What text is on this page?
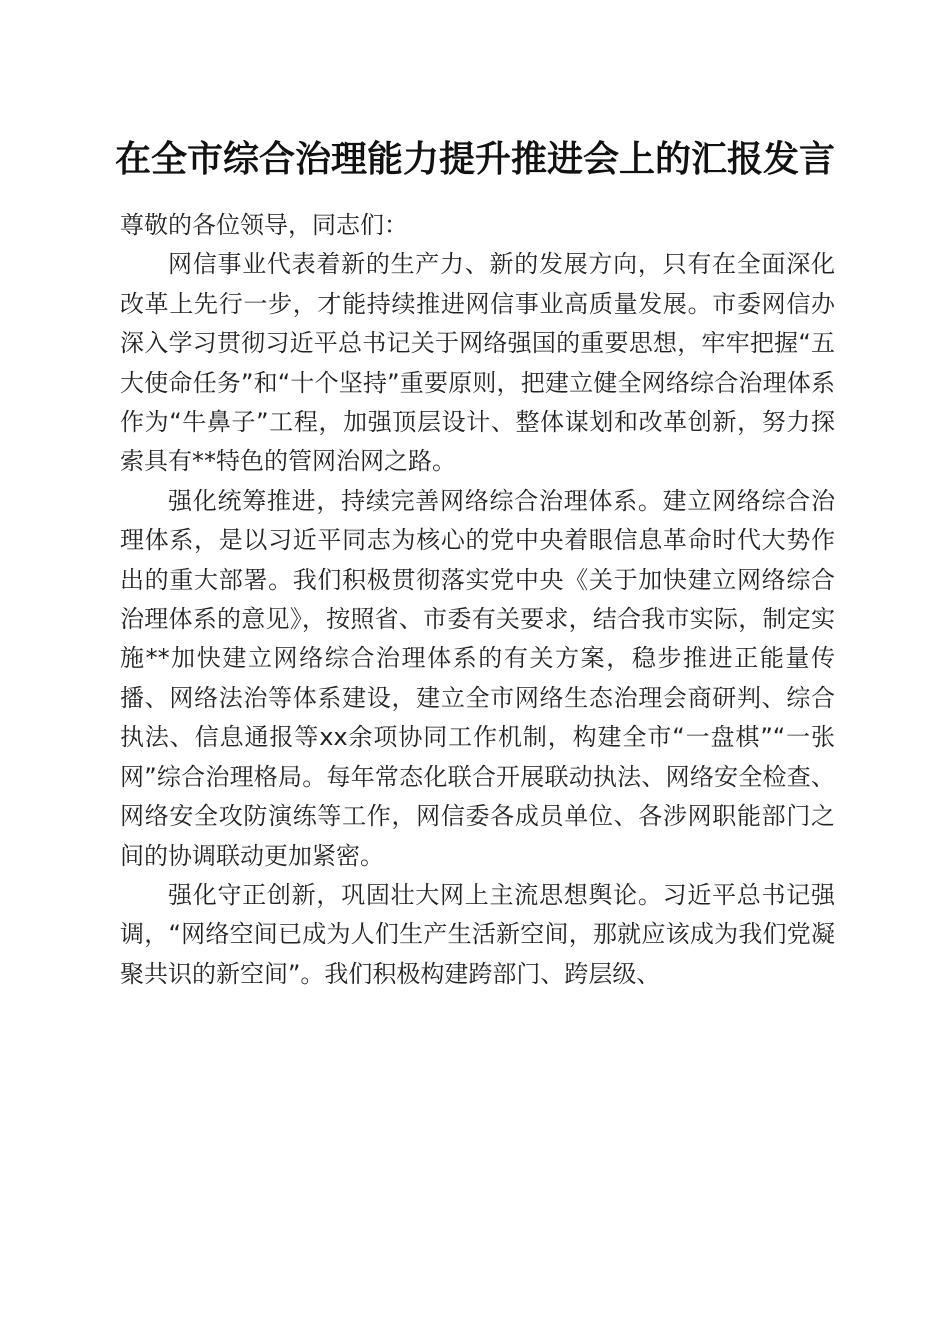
在全市综合治理能力提升推进会上的汇报发言

尊敬的各位领导，同志们：

网信事业代表着新的生产力、新的发展方向，只有在全面深化改革上先行一步，才能持续推进网信事业高质量发展。市委网信办深入学习贯彻习近平总书记关于网络强国的重要思想，牢牢把握“五大使命任务”和“十个坚持”重要原则，把建立健全网络综合治理体系作为“牛鼻子”工程，加强顶层设计、整体谋划和改革创新，努力探索具有**特色的管网治网之路。

强化统筹推进，持续完善网络综合治理体系。建立网络综合治理体系，是以习近平同志为核心的党中央着眼信息革命时代大势作出的重大部署。我们积极贯彻落实党中央《关于加快建立网络综合治理体系的意见》，按照省、市委有关要求，结合我市实际，制定实施**加快建立网络综合治理体系的有关方案，稳步推进正能量传播、网络法治等体系建设，建立全市网络生态治理会商研判、综合执法、信息通报等xx余项协同工作机制，构建全市“一盘棋”“一张网”综合治理格局。每年常态化联合开展联动执法、网络安全检查、网络安全攻防演练等工作，网信委各成员单位、各涉网职能部门之间的协调联动更加紧密。

强化守正创新，巩固壮大网上主流思想舆论。习近平总书记强调，“网络空间已成为人们生产生活新空间，那就应该成为我们党凝聚共识的新空间”。我们积极构建跨部门、跨层级、
